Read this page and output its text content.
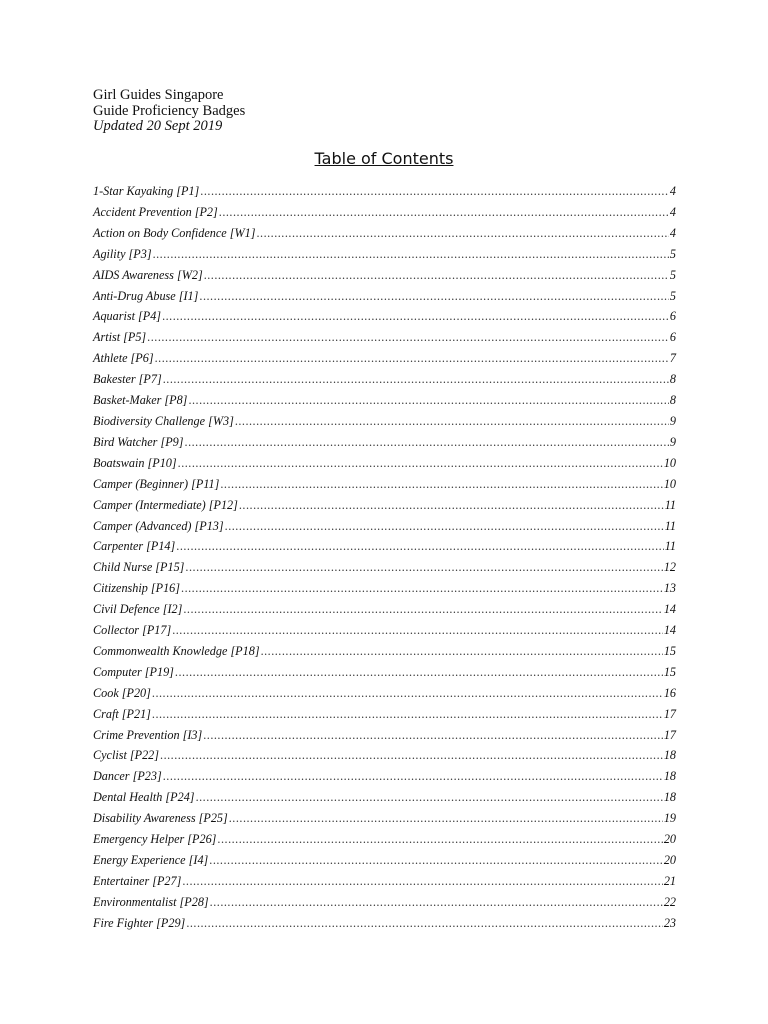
Girl Guides Singapore
Guide Proficiency Badges
Updated 20 Sept 2019
Table of Contents
1-Star Kayaking [P1] .....	4
Accident Prevention [P2] .....	4
Action on Body Confidence [W1] .....	4
Agility [P3] .....	5
AIDS Awareness [W2] .....	5
Anti-Drug Abuse [I1] .....	5
Aquarist [P4] .....	6
Artist [P5] .....	6
Athlete [P6] .....	7
Bakester [P7] .....	8
Basket-Maker [P8] .....	8
Biodiversity Challenge [W3] .....	9
Bird Watcher [P9] .....	9
Boatswain [P10] .....	10
Camper (Beginner) [P11] .....	10
Camper (Intermediate) [P12] .....	11
Camper (Advanced) [P13] .....	11
Carpenter [P14] .....	11
Child Nurse [P15] .....	12
Citizenship [P16] .....	13
Civil Defence [I2] .....	14
Collector [P17] .....	14
Commonwealth Knowledge [P18] .....	15
Computer [P19] .....	15
Cook [P20] .....	16
Craft [P21] .....	17
Crime Prevention [I3] .....	17
Cyclist [P22] .....	18
Dancer [P23] .....	18
Dental Health [P24] .....	18
Disability Awareness [P25] .....	19
Emergency Helper [P26] .....	20
Energy Experience [I4] .....	20
Entertainer [P27] .....	21
Environmentalist [P28] .....	22
Fire Fighter [P29] .....	23
